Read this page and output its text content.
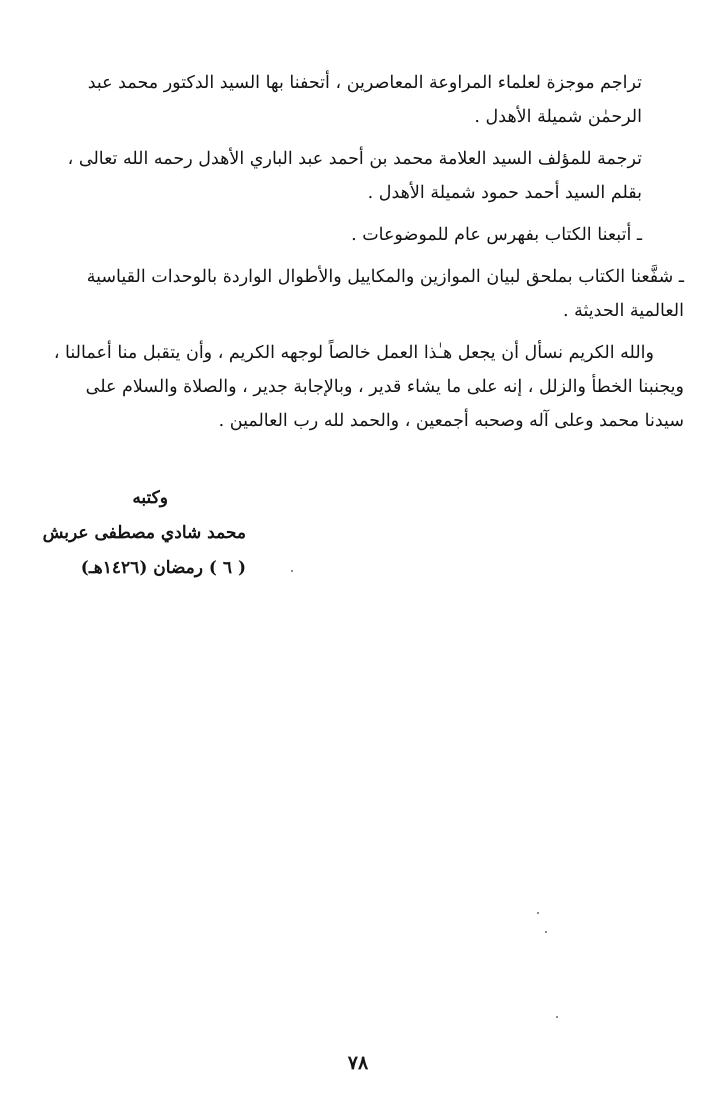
تراجم موجزة لعلماء المراوعة المعاصرين ، أتحفنا بها السيد الدكتور محمد عبد
الرحمٰن شميلة الأهدل .

ترجمة للمؤلف السيد العلامة محمد بن أحمد عبد الباري الأهدل رحمه الله تعالى ،
بقلم السيد أحمد حمود شميلة الأهدل .

ـ أتبعنا الكتاب بفهرس عام للموضوعات .

ـ شفَّعنا الكتاب بملحق لبيان الموازين والمكاييل والأطوال الواردة بالوحدات القياسية
العالمية الحديثة .

والله الكريم نسأل أن يجعل هـٰذا العمل خالصاً لوجهه الكريم ، وأن يتقبل منا أعمالنا ،
ويجنبنا الخطأ والزلل ، إنه على ما يشاء قدير ، وبالإجابة جدير ، والصلاة والسلام على
سيدنا محمد وعلى آله وصحبه أجمعين ، والحمد لله رب العالمين .

وكتبه
محمد شادي مصطفى عربش
( ٦ ) رمضان (١٤٢٦هـ)
٧٨
